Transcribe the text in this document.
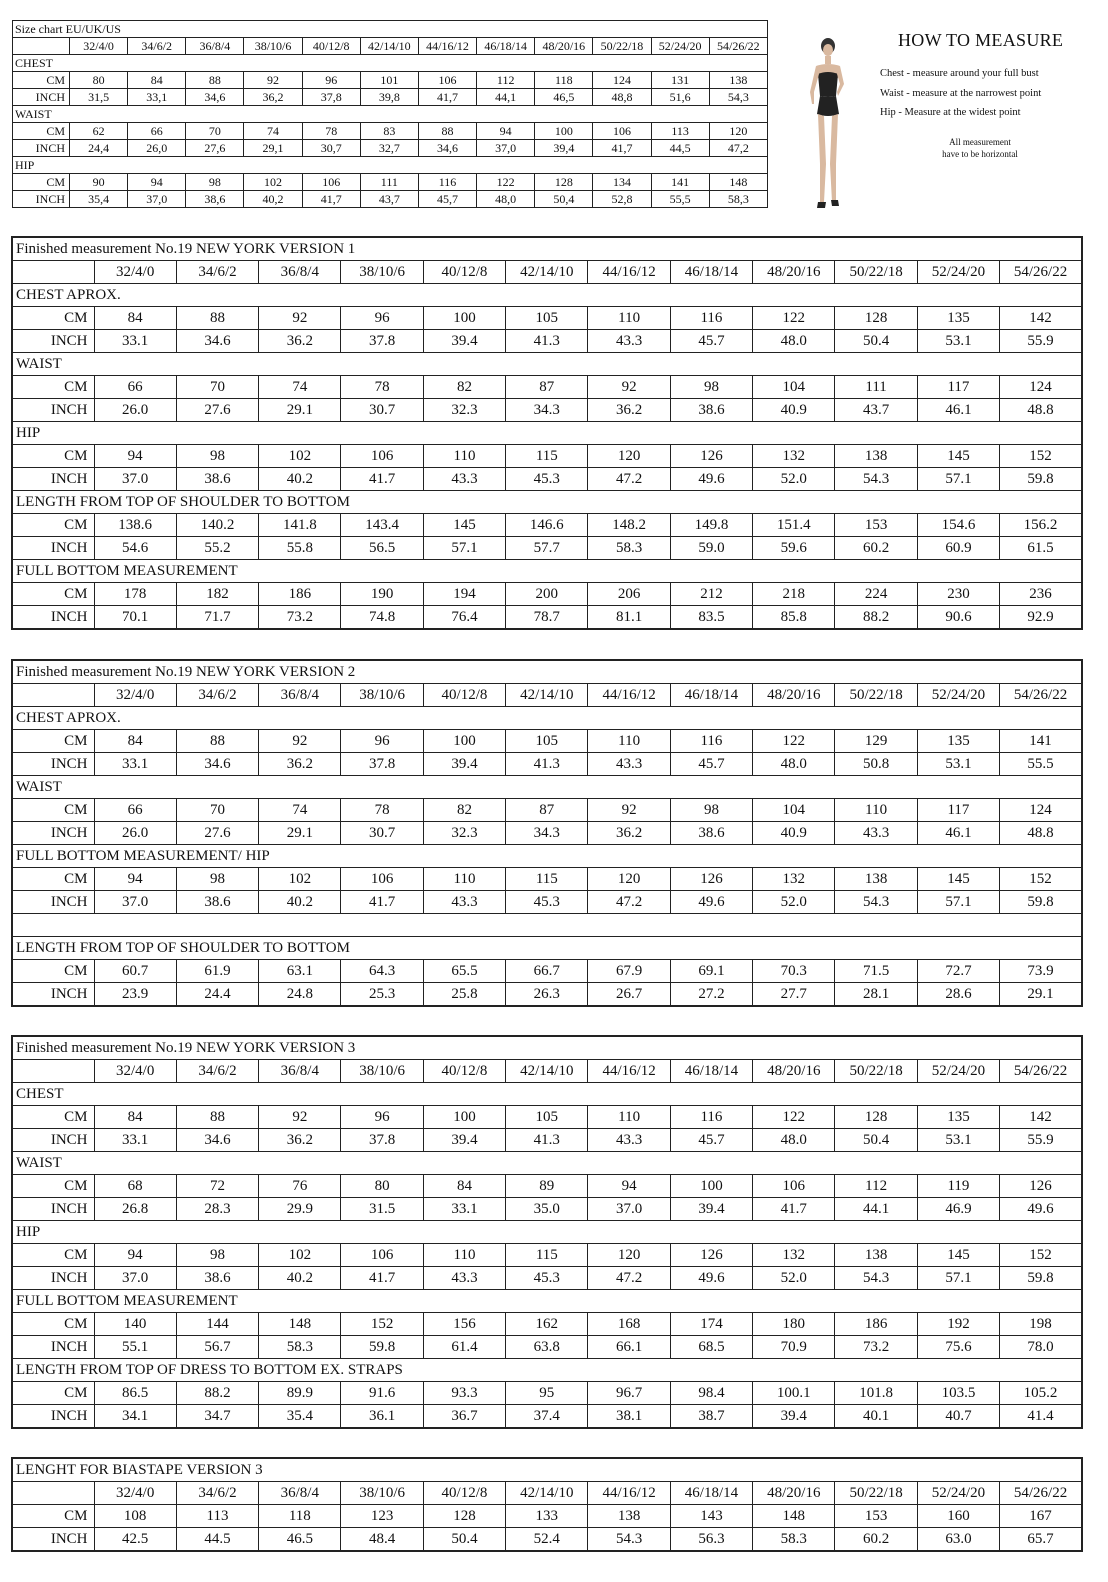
Size chart EU/UK/US												
	32/4/0	34/6/2	36/8/4	38/10/6	40/12/8	42/14/10	44/16/12	46/18/14	48/20/16	50/22/18	52/24/20	54/26/22
CHEST												
CM	80	84	88	92	96	101	106	112	118	124	131	138
INCH	31,5	33,1	34,6	36,2	37,8	39,8	41,7	44,1	46,5	48,8	51,6	54,3
WAIST												
CM	62	66	70	74	78	83	88	94	100	106	113	120
INCH	24,4	26,0	27,6	29,1	30,7	32,7	34,6	37,0	39,4	41,7	44,5	47,2
HIP												
CM	90	94	98	102	106	111	116	122	128	134	141	148
INCH	35,4	37,0	38,6	40,2	41,7	43,7	45,7	48,0	50,4	52,8	55,5	58,3
HOW TO MEASURE
Chest - measure around your full bust
Waist - measure at the narrowest point
Hip - Measure at the widest point
All measurement
have to be horizontal
Finished measurement No.19 NEW YORK VERSION 1												
	32/4/0	34/6/2	36/8/4	38/10/6	40/12/8	42/14/10	44/16/12	46/18/14	48/20/16	50/22/18	52/24/20	54/26/22
CHEST APROX.												
CM	84	88	92	96	100	105	110	116	122	128	135	142
INCH	33.1	34.6	36.2	37.8	39.4	41.3	43.3	45.7	48.0	50.4	53.1	55.9
WAIST												
CM	66	70	74	78	82	87	92	98	104	111	117	124
INCH	26.0	27.6	29.1	30.7	32.3	34.3	36.2	38.6	40.9	43.7	46.1	48.8
HIP												
CM	94	98	102	106	110	115	120	126	132	138	145	152
INCH	37.0	38.6	40.2	41.7	43.3	45.3	47.2	49.6	52.0	54.3	57.1	59.8
LENGTH FROM TOP OF SHOULDER TO BOTTOM												
CM	138.6	140.2	141.8	143.4	145	146.6	148.2	149.8	151.4	153	154.6	156.2
INCH	54.6	55.2	55.8	56.5	57.1	57.7	58.3	59.0	59.6	60.2	60.9	61.5
FULL BOTTOM MEASUREMENT												
CM	178	182	186	190	194	200	206	212	218	224	230	236
INCH	70.1	71.7	73.2	74.8	76.4	78.7	81.1	83.5	85.8	88.2	90.6	92.9
Finished measurement No.19 NEW YORK VERSION 2												
	32/4/0	34/6/2	36/8/4	38/10/6	40/12/8	42/14/10	44/16/12	46/18/14	48/20/16	50/22/18	52/24/20	54/26/22
CHEST APROX.												
CM	84	88	92	96	100	105	110	116	122	129	135	141
INCH	33.1	34.6	36.2	37.8	39.4	41.3	43.3	45.7	48.0	50.8	53.1	55.5
WAIST												
CM	66	70	74	78	82	87	92	98	104	110	117	124
INCH	26.0	27.6	29.1	30.7	32.3	34.3	36.2	38.6	40.9	43.3	46.1	48.8
FULL BOTTOM MEASUREMENT/ HIP												
CM	94	98	102	106	110	115	120	126	132	138	145	152
INCH	37.0	38.6	40.2	41.7	43.3	45.3	47.2	49.6	52.0	54.3	57.1	59.8

LENGTH FROM TOP OF SHOULDER TO BOTTOM												
CM	60.7	61.9	63.1	64.3	65.5	66.7	67.9	69.1	70.3	71.5	72.7	73.9
INCH	23.9	24.4	24.8	25.3	25.8	26.3	26.7	27.2	27.7	28.1	28.6	29.1
Finished measurement No.19 NEW YORK VERSION 3												
	32/4/0	34/6/2	36/8/4	38/10/6	40/12/8	42/14/10	44/16/12	46/18/14	48/20/16	50/22/18	52/24/20	54/26/22
CHEST												
CM	84	88	92	96	100	105	110	116	122	128	135	142
INCH	33.1	34.6	36.2	37.8	39.4	41.3	43.3	45.7	48.0	50.4	53.1	55.9
WAIST												
CM	68	72	76	80	84	89	94	100	106	112	119	126
INCH	26.8	28.3	29.9	31.5	33.1	35.0	37.0	39.4	41.7	44.1	46.9	49.6
HIP												
CM	94	98	102	106	110	115	120	126	132	138	145	152
INCH	37.0	38.6	40.2	41.7	43.3	45.3	47.2	49.6	52.0	54.3	57.1	59.8
FULL BOTTOM MEASUREMENT												
CM	140	144	148	152	156	162	168	174	180	186	192	198
INCH	55.1	56.7	58.3	59.8	61.4	63.8	66.1	68.5	70.9	73.2	75.6	78.0
LENGTH FROM TOP OF DRESS TO BOTTOM EX. STRAPS												
CM	86.5	88.2	89.9	91.6	93.3	95	96.7	98.4	100.1	101.8	103.5	105.2
INCH	34.1	34.7	35.4	36.1	36.7	37.4	38.1	38.7	39.4	40.1	40.7	41.4
LENGHT FOR BIASTAPE VERSION 3												
	32/4/0	34/6/2	36/8/4	38/10/6	40/12/8	42/14/10	44/16/12	46/18/14	48/20/16	50/22/18	52/24/20	54/26/22
CM	108	113	118	123	128	133	138	143	148	153	160	167
INCH	42.5	44.5	46.5	48.4	50.4	52.4	54.3	56.3	58.3	60.2	63.0	65.7
